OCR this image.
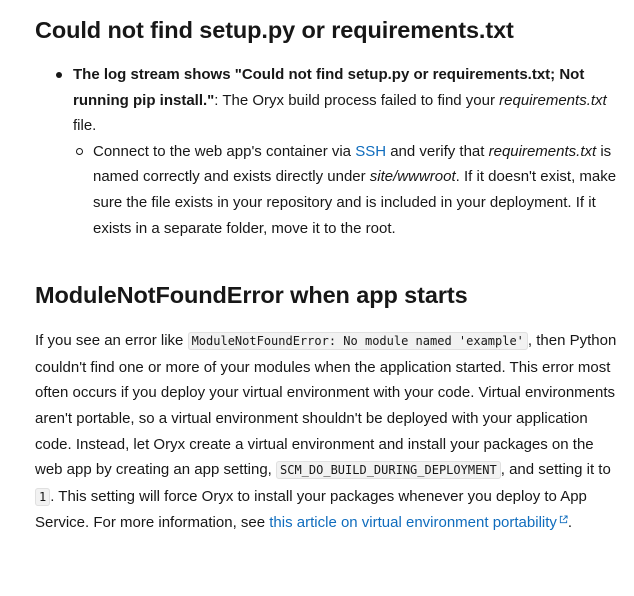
Could not find setup.py or requirements.txt
The log stream shows "Could not find setup.py or requirements.txt; Not running pip install.": The Oryx build process failed to find your requirements.txt file.
Connect to the web app's container via SSH and verify that requirements.txt is named correctly and exists directly under site/wwwroot. If it doesn't exist, make sure the file exists in your repository and is included in your deployment. If it exists in a separate folder, move it to the root.
ModuleNotFoundError when app starts

If you see an error like ModuleNotFoundError: No module named 'example' , then Python couldn't find one or more of your modules when the application started. This error most often occurs if you deploy your virtual environment with your code. Virtual environments aren't portable, so a virtual environment shouldn't be deployed with your application code. Instead, let Oryx create a virtual environment and install your packages on the web app by creating an app setting, SCM_DO_BUILD_DURING_DEPLOYMENT , and setting it to 1 . This setting will force Oryx to install your packages whenever you deploy to App Service. For more information, see this article on virtual environment portability .
